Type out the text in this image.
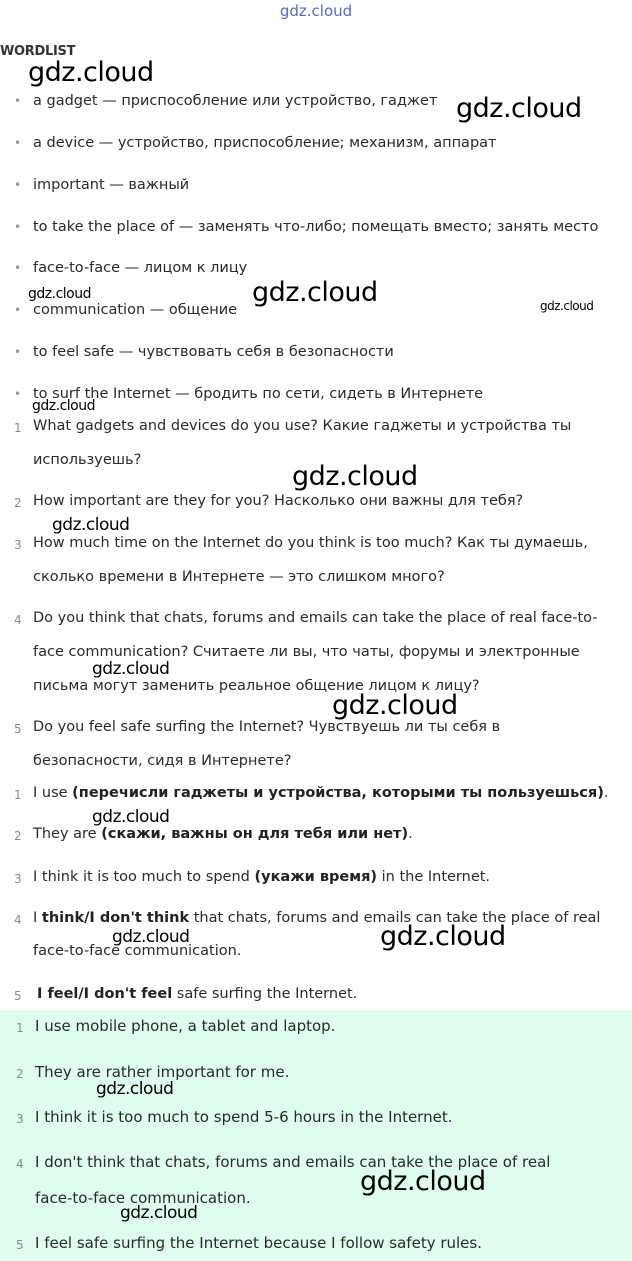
gdz.cloud
WORDLIST
• a gadget — приспособление или устройство, гаджет
• a device — устройство, приспособление; механизм, аппарат
• important — важный
• to take the place of — заменять что-либо; помещать вместо; занять место
• face-to-face — лицом к лицу
• communication — общение
• to feel safe — чувствовать себя в безопасности
• to surf the Internet — бродить по сети, сидеть в Интернете
1 What gadgets and devices do you use? Какие гаджеты и устройства ты
используешь?
2 How important are they for you? Насколько они важны для тебя?
3 How much time on the Internet do you think is too much? Как ты думаешь,
сколько времени в Интернете — это слишком много?
4 Do you think that chats, forums and emails can take the place of real face-to-
face communication? Считаете ли вы, что чаты, форумы и электронные
письма могут заменить реальное общение лицом к лицу?
5 Do you feel safe surfing the Internet? Чувствуешь ли ты себя в
безопасности, сидя в Интернете?
1 I use (перечисли гаджеты и устройства, которыми ты пользуешься).
2 They are (скажи, важны он для тебя или нет).
3 I think it is too much to spend (укажи время) in the Internet.
4 I think/I don't think that chats, forums and emails can take the place of real
face-to-face communication.
5 I feel/I don't feel safe surfing the Internet.
1 I use mobile phone, a tablet and laptop.
2 They are rather important for me.
3 I think it is too much to spend 5-6 hours in the Internet.
4 I don't think that chats, forums and emails can take the place of real
face-to-face communication.
5 I feel safe surfing the Internet because I follow safety rules.
gdz.cloud
gdz.cloud
gdz.cloud	gdz.cloud	gdz.cloud
gdz.cloud
gdz.cloud
gdz.cloud
gdz.cloud
gdz.cloud
gdz.cloud
gdz.cloud	gdz.cloud
gdz.cloud
gdz.cloud
gdz.cloud
